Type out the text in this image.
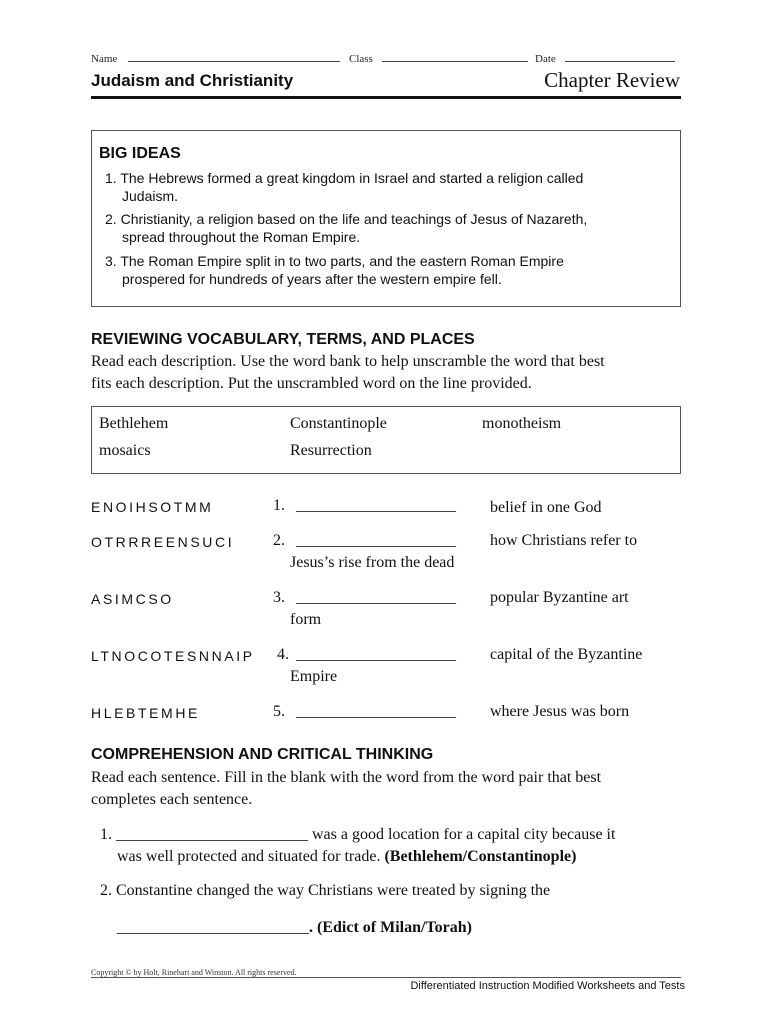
Name	Class	Date
Judaism and Christianity	Chapter Review
BIG IDEAS
1. The Hebrews formed a great kingdom in Israel and started a religion called
Judaism.
2. Christianity, a religion based on the life and teachings of Jesus of Nazareth,
spread throughout the Roman Empire.
3. The Roman Empire split in to two parts, and the eastern Roman Empire
prospered for hundreds of years after the western empire fell.
REVIEWING VOCABULARY, TERMS, AND PLACES
Read each description. Use the word bank to help unscramble the word that best
fits each description. Put the unscrambled word on the line provided.
Bethlehem	Constantinople	monotheism
mosaics	Resurrection
ENOIHSOTMM	1. ____________________ belief in one God
OTRRREENSUCI 2. ____________________ how Christians refer to
Jesus’s rise from the dead
ASIMCSO	3. ____________________ popular Byzantine art
form
LTNOCOTESNNAIP 4. ____________________ capital of the Byzantine
Empire
HLEBTEMHE	5. ____________________ where Jesus was born
COMPREHENSION AND CRITICAL THINKING
Read each sentence. Fill in the blank with the word from the word pair that best
completes each sentence.
1. ________________________ was a good location for a capital city because it
was well protected and situated for trade. (Bethlehem/Constantinople)
2. Constantine changed the way Christians were treated by signing the
________________________. (Edict of Milan/Torah)
Copyright © by Holt, Rinehart and Winston. All rights reserved.
Differentiated Instruction Modified Worksheets and Tests
